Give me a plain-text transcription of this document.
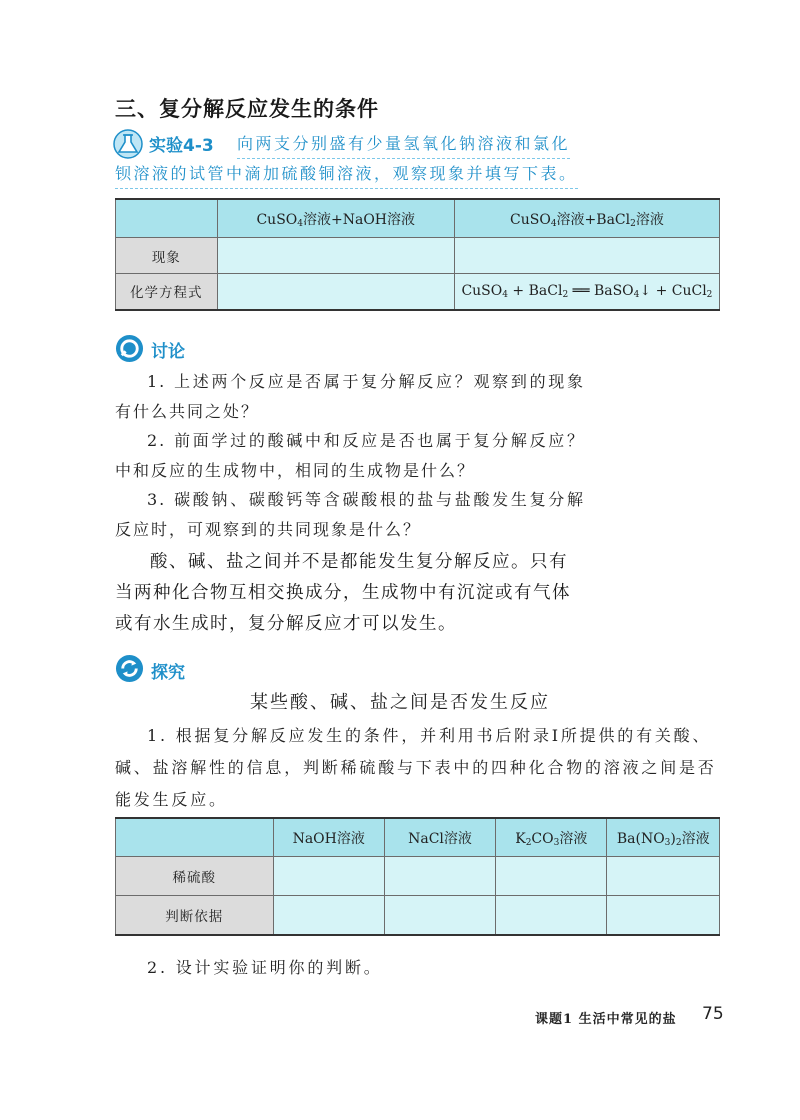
三、复分解反应发生的条件
实验4-3 向两支分别盛有少量氢氧化钠溶液和氯化
钡溶液的试管中滴加硫酸铜溶液，观察现象并填写下表。
	CuSO$_4$溶液+NaOH溶液	CuSO$_4$溶液+BaCl$_2$溶液
现象		
化学方程式		CuSO$_4$ + BaCl$_2$ ══ BaSO$_4$↓ + CuCl$_2$
讨论
1. 上述两个反应是否属于复分解反应？观察到的现象有什么共同之处？
2. 前面学过的酸碱中和反应是否也属于复分解反应？中和反应的生成物中，相同的生成物是什么？
3. 碳酸钠、碳酸钙等含碳酸根的盐与盐酸发生复分解反应时，可观察到的共同现象是什么？
酸、碱、盐之间并不是都能发生复分解反应。只有当两种化合物互相交换成分，生成物中有沉淀或有气体或有水生成时，复分解反应才可以发生。
探究
某些酸、碱、盐之间是否发生反应
1. 根据复分解反应发生的条件，并利用书后附录Ⅰ所提供的有关酸、碱、盐溶解性的信息，判断稀硫酸与下表中的四种化合物的溶液之间是否能发生反应。
	NaOH溶液	NaCl溶液	$K_2CO_3$溶液	$Ba(NO_3)_2$溶液
稀硫酸				
判断依据				
2. 设计实验证明你的判断。
课题1 生活中常见的盐 75
